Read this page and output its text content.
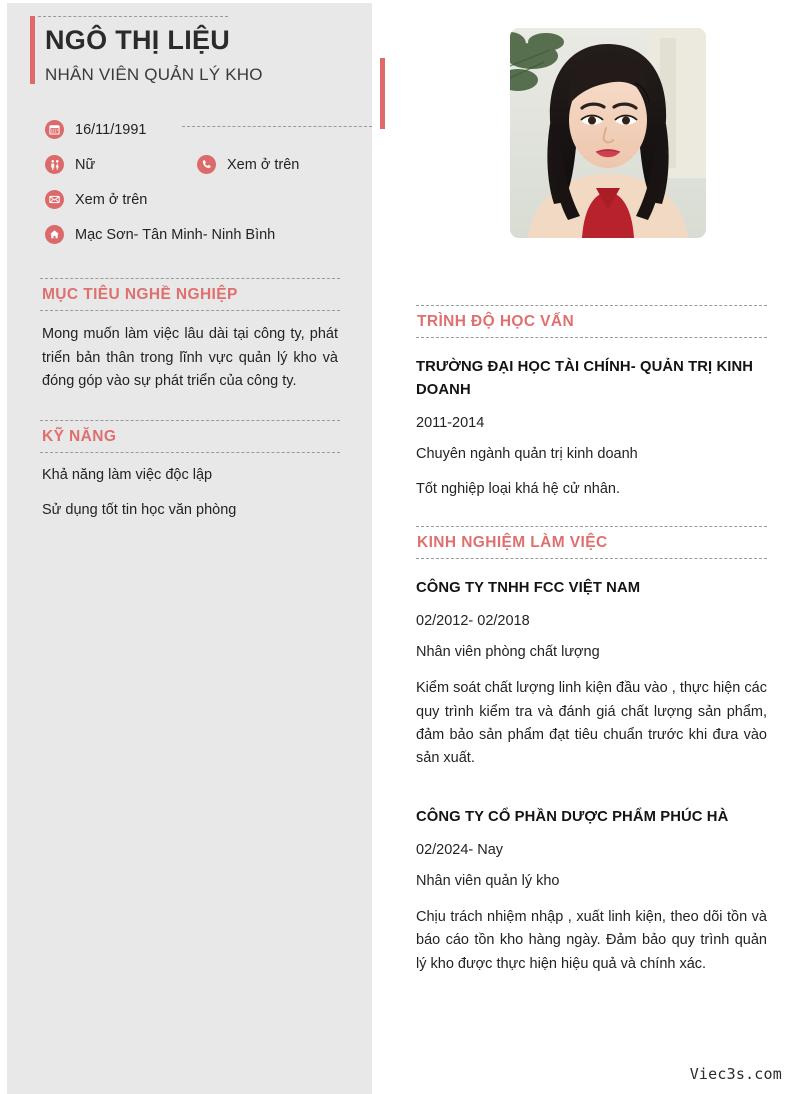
NGÔ THỊ LIỆU
NHÂN VIÊN QUẢN LÝ KHO
16/11/1991
Nữ	Xem ở trên
Xem ở trên
Mạc Sơn- Tân Minh- Ninh Bình
MỤC TIÊU NGHỀ NGHIỆP
Mong muốn làm việc lâu dài tại công ty, phát triển bản thân trong lĩnh vực quản lý kho và đóng góp vào sự phát triển của công ty.
KỸ NĂNG
Khả năng làm việc độc lập
Sử dụng tốt tin học văn phòng
TRÌNH ĐỘ HỌC VẤN
TRƯỜNG ĐẠI HỌC TÀI CHÍNH- QUẢN TRỊ KINH DOANH
2011-2014
Chuyên ngành quản trị kinh doanh
Tốt nghiệp loại khá hệ cử nhân.
KINH NGHIỆM LÀM VIỆC
CÔNG TY TNHH FCC VIỆT NAM
02/2012- 02/2018
Nhân viên phòng chất lượng
Kiểm soát chất lượng linh kiện đầu vào , thực hiện các quy trình kiểm tra và đánh giá chất lượng sản phẩm, đảm bảo sản phẩm đạt tiêu chuẩn trước khi đưa vào sản xuất.
CÔNG TY CỔ PHẦN DƯỢC PHẨM PHÚC HÀ
02/2024- Nay
Nhân viên quản lý kho
Chịu trách nhiệm nhập , xuất linh kiện, theo dõi tồn và báo cáo tồn kho hàng ngày. Đảm bảo quy trình quản lý kho được thực hiện hiệu quả và chính xác.
Viec3s.com
